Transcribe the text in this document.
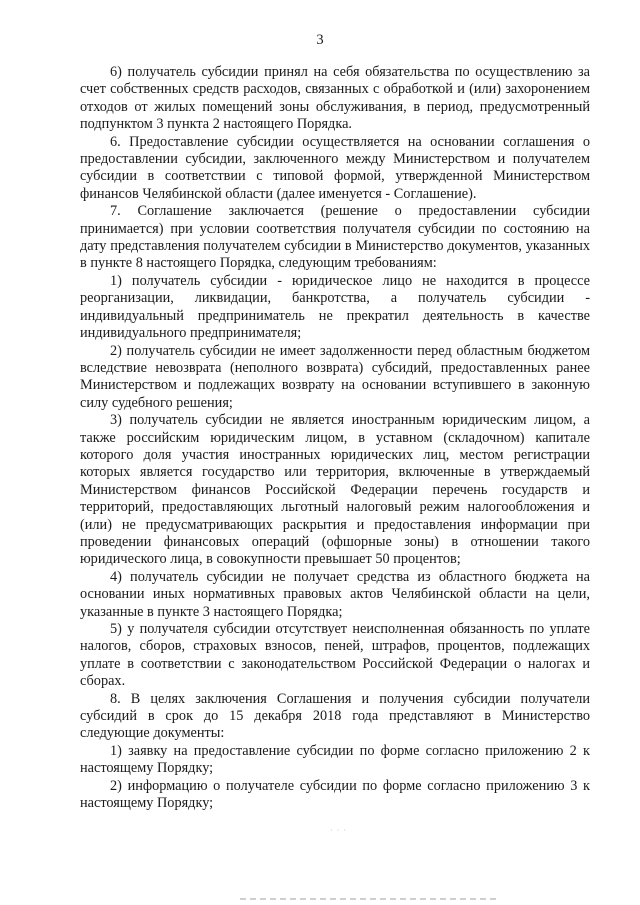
3

6) получатель субсидии принял на себя обязательства по осуществлению за счет собственных средств расходов, связанных с обработкой и (или) захоронением отходов от жилых помещений зоны обслуживания, в период, предусмотренный подпунктом 3 пункта 2 настоящего Порядка.

6. Предоставление субсидии осуществляется на основании соглашения о предоставлении субсидии, заключенного между Министерством и получателем субсидии в соответствии с типовой формой, утвержденной Министерством финансов Челябинской области (далее именуется - Соглашение).

7. Соглашение заключается (решение о предоставлении субсидии принимается) при условии соответствия получателя субсидии по состоянию на дату представления получателем субсидии в Министерство документов, указанных в пункте 8 настоящего Порядка, следующим требованиям:

1) получатель субсидии - юридическое лицо не находится в процессе реорганизации, ликвидации, банкротства, а получатель субсидии - индивидуальный предприниматель не прекратил деятельность в качестве индивидуального предпринимателя;

2) получатель субсидии не имеет задолженности перед областным бюджетом вследствие невозврата (неполного возврата) субсидий, предоставленных ранее Министерством и подлежащих возврату на основании вступившего в законную силу судебного решения;

3) получатель субсидии не является иностранным юридическим лицом, а также российским юридическим лицом, в уставном (складочном) капитале которого доля участия иностранных юридических лиц, местом регистрации которых является государство или территория, включенные в утверждаемый Министерством финансов Российской Федерации перечень государств и территорий, предоставляющих льготный налоговый режим налогообложения и (или) не предусматривающих раскрытия и предоставления информации при проведении финансовых операций (офшорные зоны) в отношении такого юридического лица, в совокупности превышает 50 процентов;

4) получатель субсидии не получает средства из областного бюджета на основании иных нормативных правовых актов Челябинской области на цели, указанные в пункте 3 настоящего Порядка;

5) у получателя субсидии отсутствует неисполненная обязанность по уплате налогов, сборов, страховых взносов, пеней, штрафов, процентов, подлежащих уплате в соответствии с законодательством Российской Федерации о налогах и сборах.

8. В целях заключения Соглашения и получения субсидии получатели субсидий в срок до 15 декабря 2018 года представляют в Министерство следующие документы:

1) заявку на предоставление субсидии по форме согласно приложению 2 к настоящему Порядку;

2) информацию о получателе субсидии по форме согласно приложению 3 к настоящему Порядку;

· · ·
